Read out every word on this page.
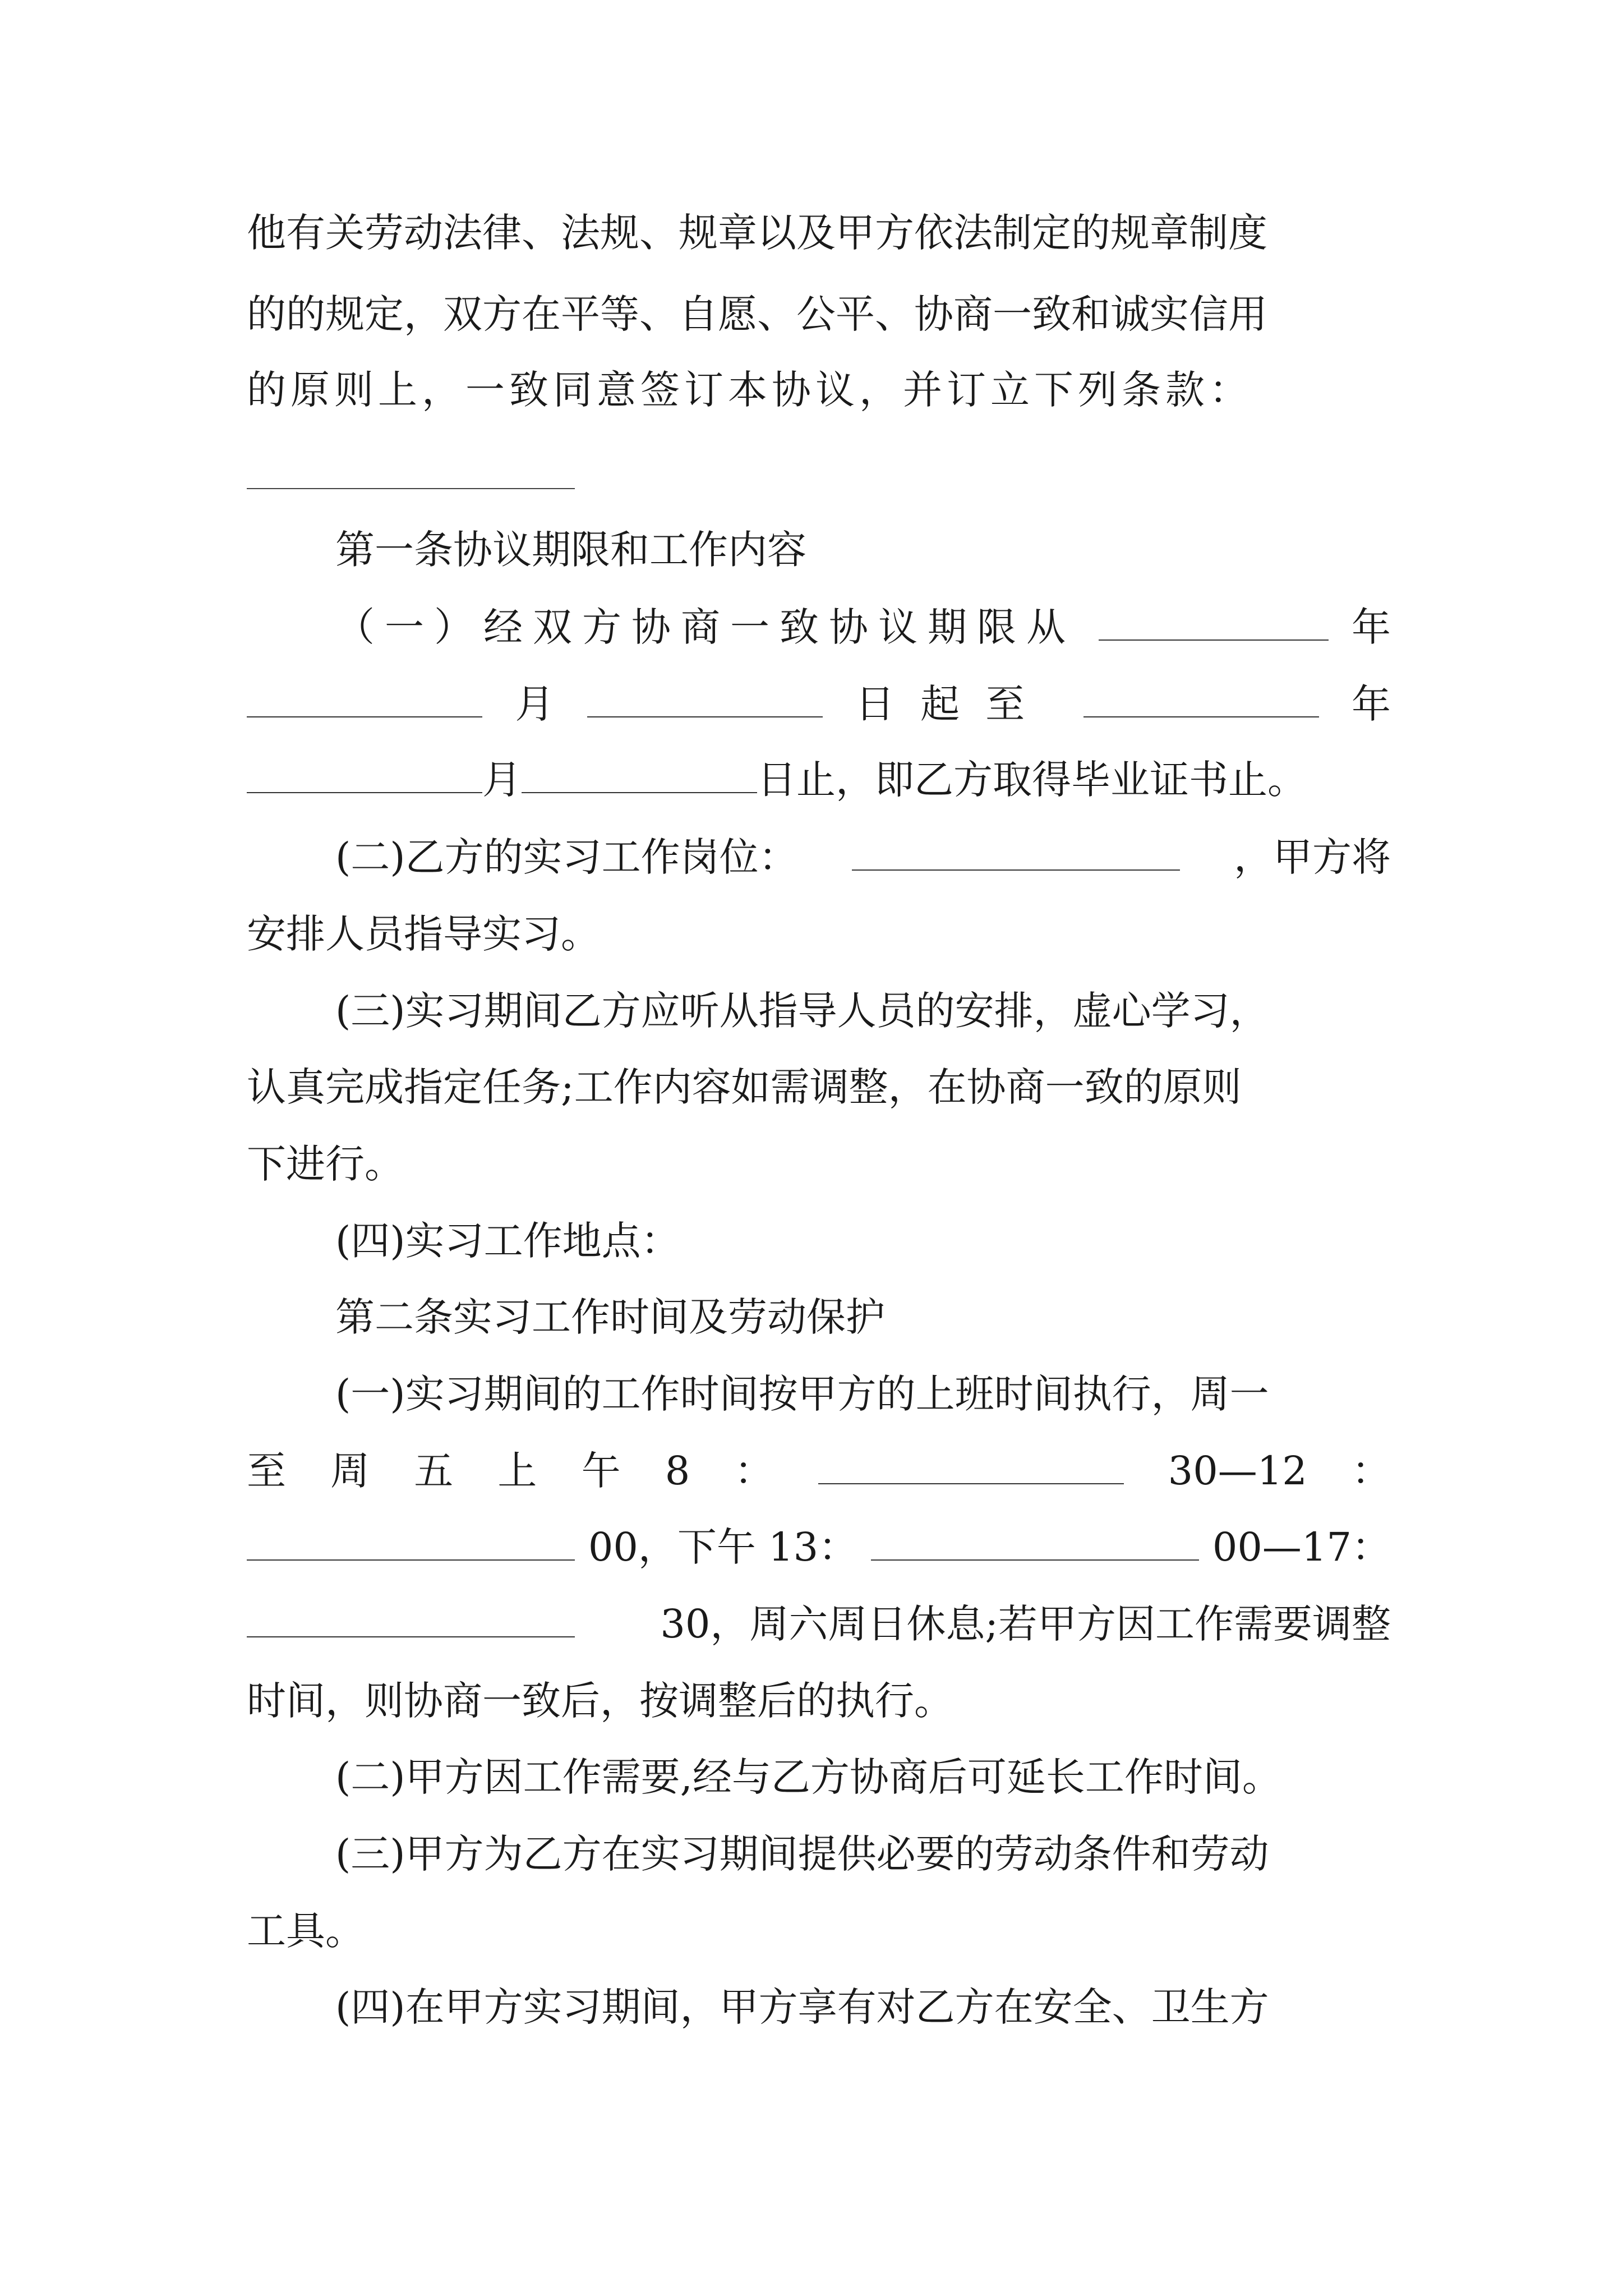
他有关劳动法律、法规、规章以及甲方依法制定的规章制度
的的规定，双方在平等、自愿、公平、协商一致和诚实信用
的原则上，一致同意签订本协议，并订立下列条款：
第一条协议期限和工作内容
（一）经双方协商一致协议期限从	年
月	日起至	年
月	日止，即乙方取得毕业证书止。
(二)乙方的实习工作岗位：	，甲方将
安排人员指导实习。
(三)实习期间乙方应听从指导人员的安排，虚心学习，
认真完成指定任务;工作内容如需调整，在协商一致的原则
下进行。
(四)实习工作地点：
第二条实习工作时间及劳动保护
(一)实习期间的工作时间按甲方的上班时间执行，周一
至 周 五 上 午 8 ：	30—12 ：
00，下午 13：	00—17：
30，周六周日休息;若甲方因工作需要调整
时间，则协商一致后，按调整后的执行。
(二)甲方因工作需要,经与乙方协商后可延长工作时间。
(三)甲方为乙方在实习期间提供必要的劳动条件和劳动
工具。
(四)在甲方实习期间，甲方享有对乙方在安全、卫生方
